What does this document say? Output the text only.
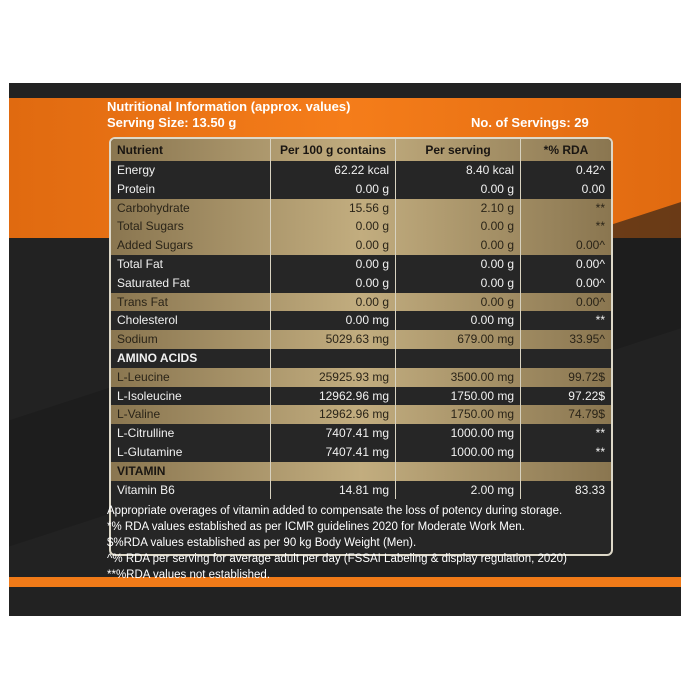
Nutritional Information (approx. values)
Serving Size: 13.50 g	No. of Servings: 29
Nutrient	Per 100 g contains	Per serving	*% RDA
Energy	62.22 kcal	8.40 kcal	0.42^
Protein	0.00 g	0.00 g	0.00
Carbohydrate	15.56 g	2.10 g	**
Total Sugars	0.00 g	0.00 g	**
Added Sugars	0.00 g	0.00 g	0.00^
Total Fat	0.00 g	0.00 g	0.00^
Saturated Fat	0.00 g	0.00 g	0.00^
Trans Fat	0.00 g	0.00 g	0.00^
Cholesterol	0.00 mg	0.00 mg	**
Sodium	5029.63 mg	679.00 mg	33.95^
AMINO ACIDS
L-Leucine	25925.93 mg	3500.00 mg	99.72$
L-Isoleucine	12962.96 mg	1750.00 mg	97.22$
L-Valine	12962.96 mg	1750.00 mg	74.79$
L-Citrulline	7407.41 mg	1000.00 mg	**
L-Glutamine	7407.41 mg	1000.00 mg	**
VITAMIN
Vitamin B6	14.81 mg	2.00 mg	83.33
Appropriate overages of vitamin added to compensate the loss of potency during storage.
*% RDA values established as per ICMR guidelines 2020 for Moderate Work Men.
$%RDA values established as per 90 kg Body Weight (Men).
^% RDA per serving for average adult per day (FSSAI Labeling & display regulation, 2020)
**%RDA values not established.
